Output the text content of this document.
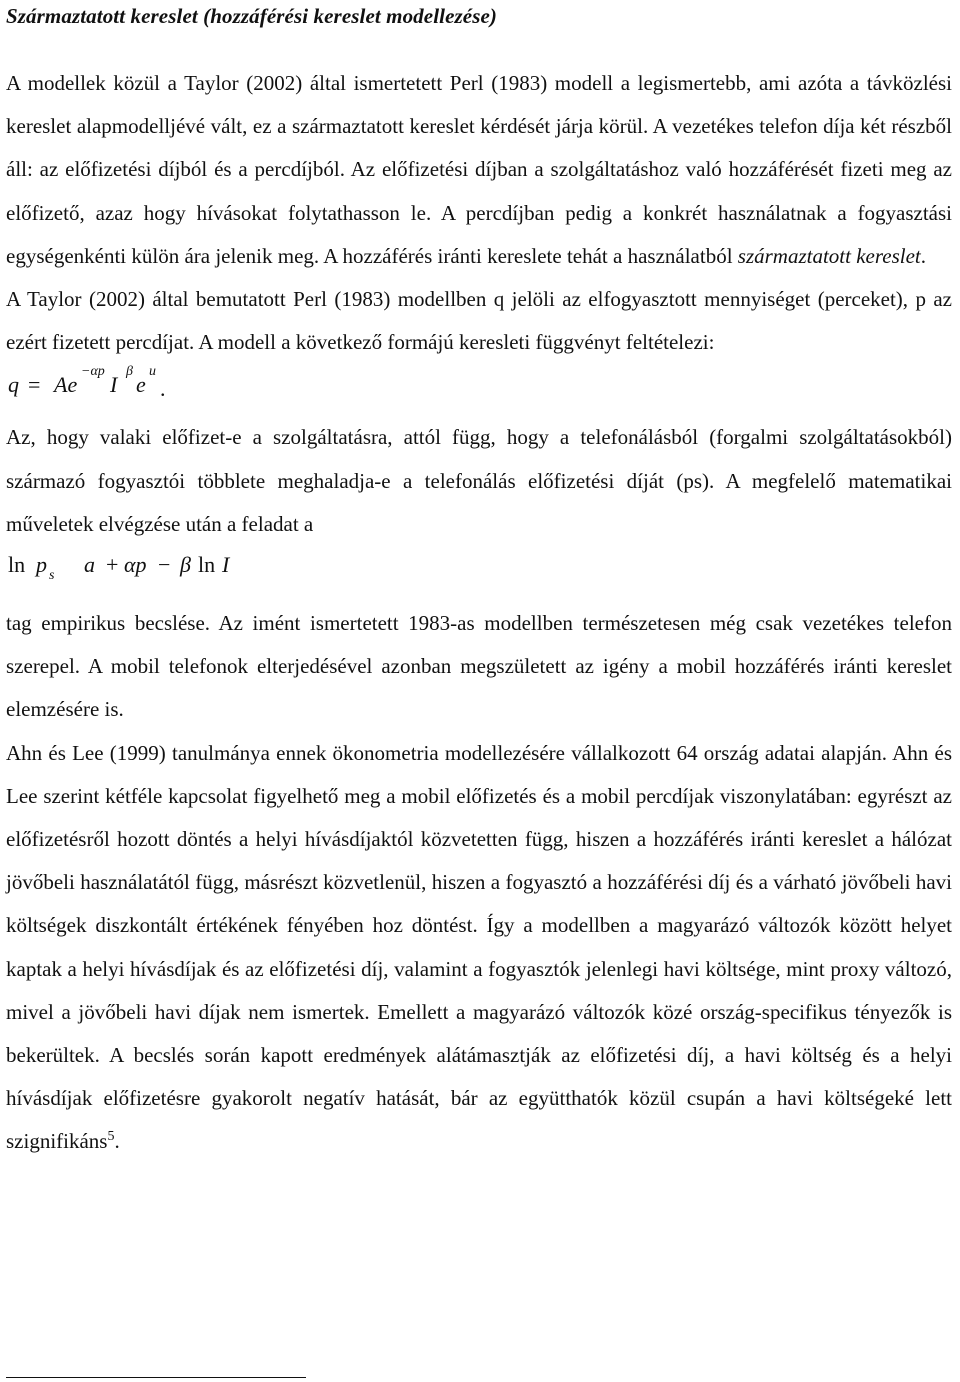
Származtatott kereslet (hozzáférési kereslet modellezése)

A modellek közül a Taylor (2002) által ismertetett Perl (1983) modell a legismertebb, ami azóta a távközlési kereslet alapmodelljévé vált, ez a származtatott kereslet kérdését járja körül. A vezetékes telefon díja két részből áll: az előfizetési díjból és a percdíjból. Az előfizetési díjban a szolgáltatáshoz való hozzáférését fizeti meg az előfizető, azaz hogy hívásokat folytathasson le. A percdíjban pedig a konkrét használatnak a fogyasztási egységenkénti külön ára jelenik meg. A hozzáférés iránti kereslete tehát a használatból származtatott kereslet.

A Taylor (2002) által bemutatott Perl (1983) modellben q jelöli az elfogyasztott mennyiséget (perceket), p az ezért fizetett percdíjat. A modell a következő formájú keresleti függvényt feltételezi:

q = Ae
−αp
I
β
e
u
.

Az, hogy valaki előfizet-e a szolgáltatásra, attól függ, hogy a telefonálásból (forgalmi szolgáltatásokból) származó fogyasztói többlete meghaladja-e a telefonálás előfizetési díját (ps). A megfelelő matematikai műveletek elvégzése után a feladat a

ln p s a + αp − β ln I

tag empirikus becslése. Az imént ismertetett 1983-as modellben természetesen még csak vezetékes telefon szerepel. A mobil telefonok elterjedésével azonban megszületett az igény a mobil hozzáférés iránti kereslet elemzésére is.

Ahn és Lee (1999) tanulmánya ennek ökonometria modellezésére vállalkozott 64 ország adatai alapján. Ahn és Lee szerint kétféle kapcsolat figyelhető meg a mobil előfizetés és a mobil percdíjak viszonylatában: egyrészt az előfizetésről hozott döntés a helyi hívásdíjaktól közvetetten függ, hiszen a hozzáférés iránti kereslet a hálózat jövőbeli használatától függ, másrészt közvetlenül, hiszen a fogyasztó a hozzáférési díj és a várható jövőbeli havi költségek diszkontált értékének fényében hoz döntést. Így a modellben a magyarázó változók között helyet kaptak a helyi hívásdíjak és az előfizetési díj, valamint a fogyasztók jelenlegi havi költsége, mint proxy változó, mivel a jövőbeli havi díjak nem ismertek. Emellett a magyarázó változók közé ország-specifikus tényezők is bekerültek. A becslés során kapott eredmények alátámasztják az előfizetési díj, a havi költség és a helyi hívásdíjak előfizetésre gyakorolt negatív hatását, bár az együtthatók közül csupán a havi költségeké lett szignifikáns$^5$.
